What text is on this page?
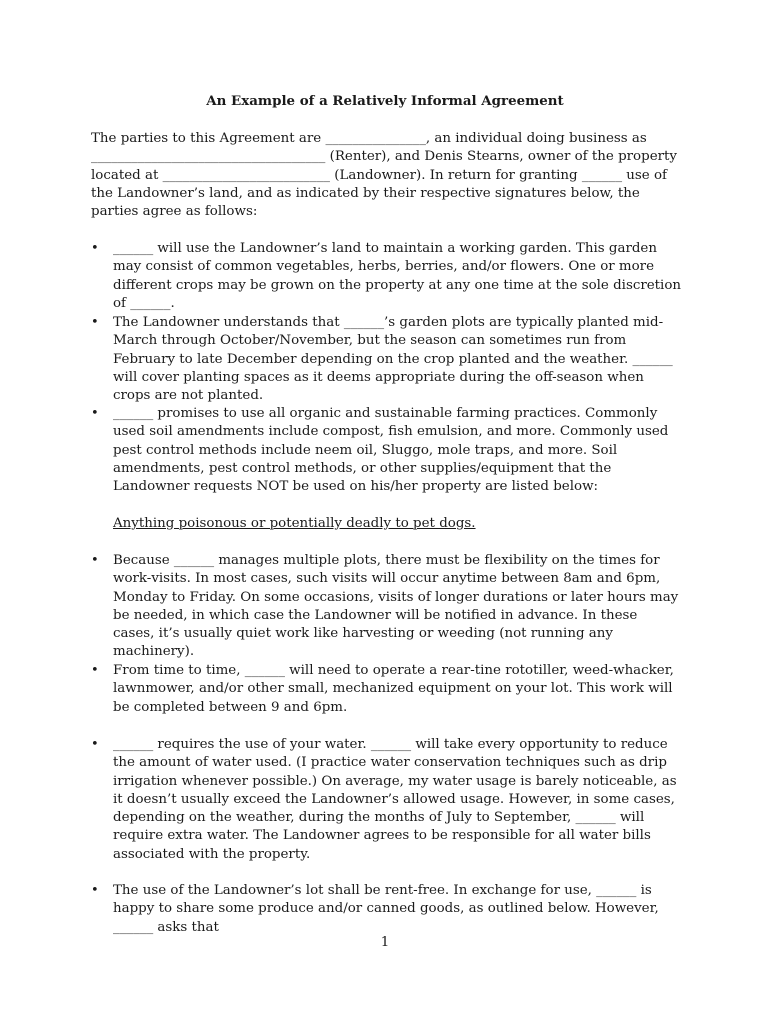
An Example of a Relatively Informal Agreement
The parties to this Agreement are _______________, an individual doing business as ___________________________________ (Renter), and Denis Stearns, owner of the property located at _________________________ (Landowner). In return for granting ______ use of the Landowner’s land, and as indicated by their respective signatures below, the parties agree as follows:
• ______ will use the Landowner’s land to maintain a working garden. This garden may consist of common vegetables, herbs, berries, and/or flowers. One or more different crops may be grown on the property at any one time at the sole discretion of ______.
• The Landowner understands that ______’s garden plots are typically planted mid-March through October/November, but the season can sometimes run from February to late December depending on the crop planted and the weather. ______ will cover planting spaces as it deems appropriate during the off-season when crops are not planted.
• ______ promises to use all organic and sustainable farming practices. Commonly used soil amendments include compost, fish emulsion, and more. Commonly used pest control methods include neem oil, Sluggo, mole traps, and more. Soil amendments, pest control methods, or other supplies/equipment that the Landowner requests NOT be used on his/her property are listed below:
Anything poisonous or potentially deadly to pet dogs.
• Because ______ manages multiple plots, there must be flexibility on the times for work-visits. In most cases, such visits will occur anytime between 8am and 6pm, Monday to Friday. On some occasions, visits of longer durations or later hours may be needed, in which case the Landowner will be notified in advance. In these cases, it’s usually quiet work like harvesting or weeding (not running any machinery).
• From time to time, ______ will need to operate a rear-tine rototiller, weed-whacker, lawnmower, and/or other small, mechanized equipment on your lot. This work will be completed between 9 and 6pm.
• ______ requires the use of your water. ______ will take every opportunity to reduce the amount of water used. (I practice water conservation techniques such as drip irrigation whenever possible.) On average, my water usage is barely noticeable, as it doesn’t usually exceed the Landowner’s allowed usage. However, in some cases, depending on the weather, during the months of July to September, ______ will require extra water. The Landowner agrees to be responsible for all water bills associated with the property.
• The use of the Landowner’s lot shall be rent-free. In exchange for use, ______ is happy to share some produce and/or canned goods, as outlined below. However, ______ asks that
1
